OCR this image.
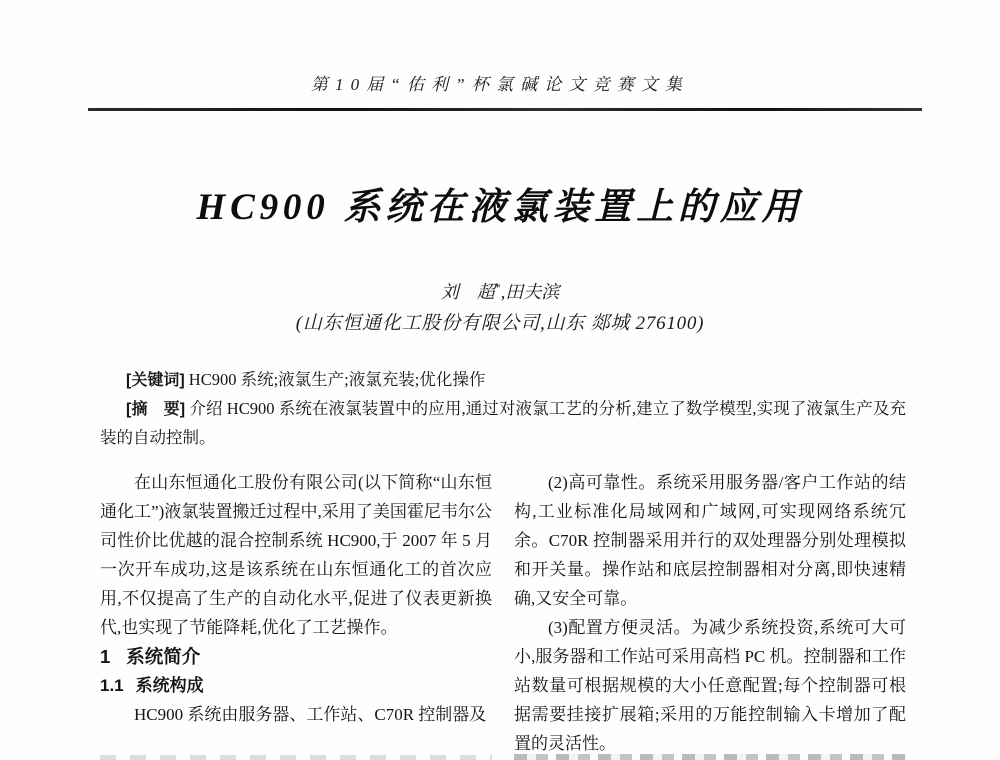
第10届“佑利”杯氯碱论文竞赛文集
HC900 系统在液氯装置上的应用
刘　超*,田夫滨
(山东恒通化工股份有限公司,山东 郯城 276100)

[关键词] HC900 系统;液氯生产;液氯充装;优化操作

[摘　要] 介绍 HC900 系统在液氯装置中的应用,通过对液氯工艺的分析,建立了数学模型,实现了液氯生产及充装的自动控制。

在山东恒通化工股份有限公司(以下简称“山东恒通化工”)液氯装置搬迁过程中,采用了美国霍尼韦尔公司性价比优越的混合控制系统 HC900,于 2007 年 5 月一次开车成功,这是该系统在山东恒通化工的首次应用,不仅提高了生产的自动化水平,促进了仪表更新换代,也实现了节能降耗,优化了工艺操作。

1 系统简介
1.1 系统构成

HC900 系统由服务器、工作站、C70R 控制器及

(2)高可靠性。系统采用服务器/客户工作站的结构,工业标准化局域网和广域网,可实现网络系统冗余。C70R 控制器采用并行的双处理器分别处理模拟和开关量。操作站和底层控制器相对分离,即快速精确,又安全可靠。

(3)配置方便灵活。为减少系统投资,系统可大可小,服务器和工作站可采用高档 PC 机。控制器和工作站数量可根据规模的大小任意配置;每个控制器可根据需要挂接扩展箱;采用的万能控制输入卡增加了配置的灵活性。
